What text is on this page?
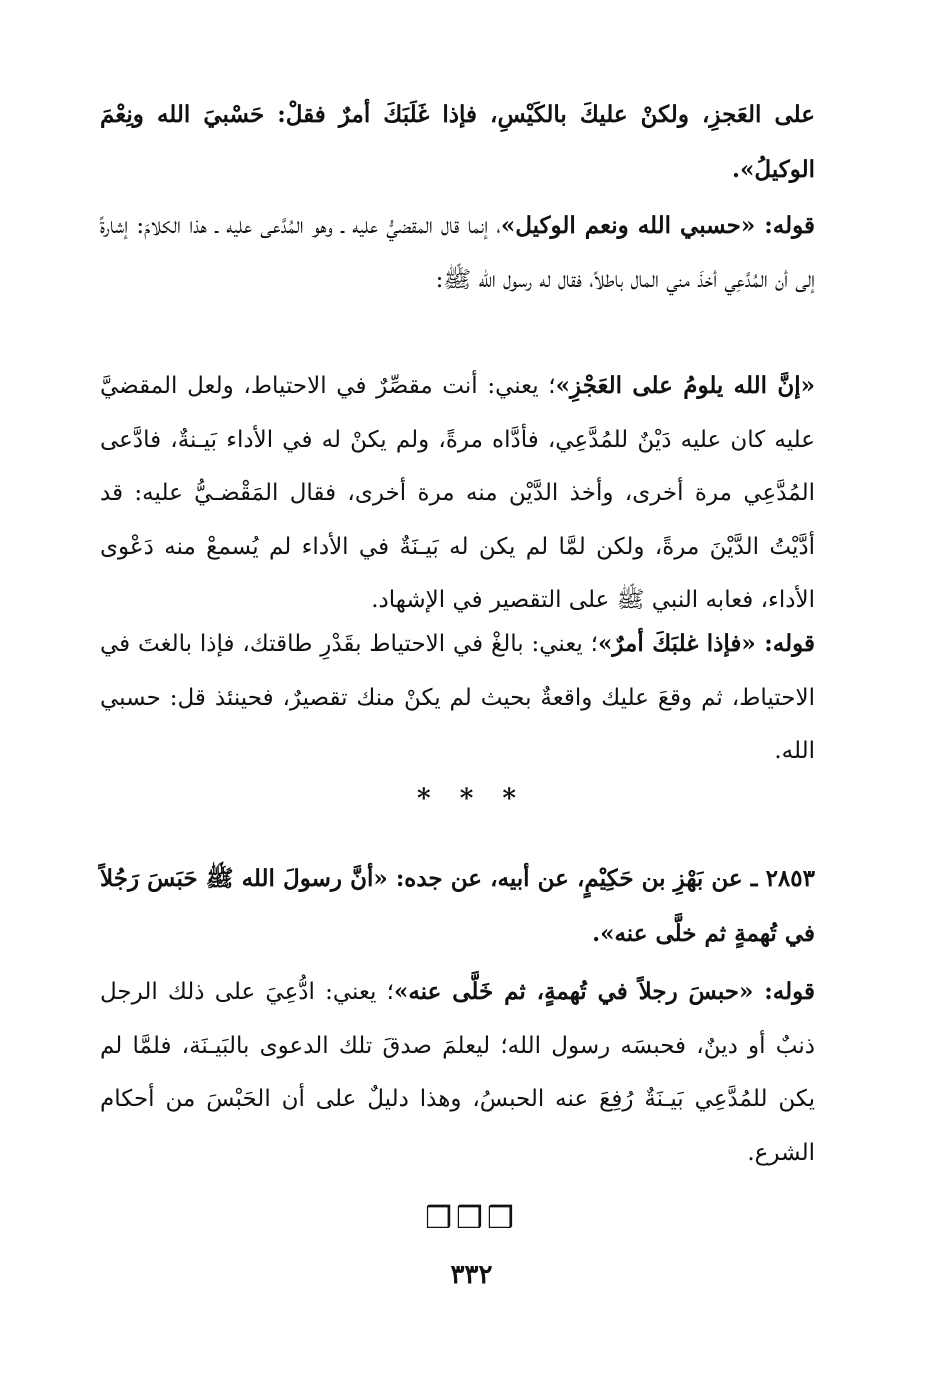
على العَجزِ، ولكنْ عليكَ بالكَيْسِ، فإذا غَلَبَكَ أمرٌ فقلْ: حَسْبيَ الله ونِعْمَ الوكيلُ».
قوله: «حسبي الله ونعم الوكيل»، إنما قال المقضيُّ عليه ـ وهو المُدَّعى عليه ـ هذا الكلامَ: إشارةً إلى أن المُدَّعِي أخذَ مني المال باطلاً، فقال له رسول الله ﷺ:
«إنَّ الله يلومُ على العَجْزِ»؛ يعني: أنت مقصِّرٌ في الاحتياط، ولعل المقضيَّ عليه كان عليه دَيْنٌ للمُدَّعِي، فأدَّاه مرةً، ولم يكنْ له في الأداء بَيـنةٌ، فادَّعى المُدَّعِي مرة أخرى، وأخذ الدَّيْن منه مرة أخرى، فقال المَقْضـيُّ عليه: قد أدَّيْتُ الدَّيْنَ مرةً، ولكن لمَّا لم يكن له بَيـنَةٌ في الأداء لم يُسمعْ منه دَعْوى الأداء، فعابه النبي ﷺ على التقصير في الإشهاد.
قوله: «فإذا غلبَكَ أمرٌ»؛ يعني: بالغْ في الاحتياط بقَدْرِ طاقتك، فإذا بالغتَ في الاحتياط، ثم وقعَ عليك واقعةٌ بحيث لم يكنْ منك تقصيرٌ، فحينئذ قل: حسبي الله.
* * *
٢٨٥٣ ـ عن بَهْزِ بن حَكِيْمٍ، عن أبيه، عن جده: «أنَّ رسولَ الله ﷺ حَبَسَ رَجُلاً في تُهمةٍ ثم خلَّى عنه».
قوله: «حبسَ رجلاً في تُهمةٍ، ثم خَلَّى عنه»؛ يعني: ادُّعِيَ على ذلك الرجل ذنبٌ أو دينٌ، فحبسَه رسول الله؛ ليعلمَ صدقَ تلك الدعوى بالبَيـنَة، فلمَّا لم يكن للمُدَّعِي بَيـنَةٌ رُفِعَ عنه الحبسُ، وهذا دليلٌ على أن الحَبْسَ من أحكام الشرع.
❒❒❒
٣٣٢
